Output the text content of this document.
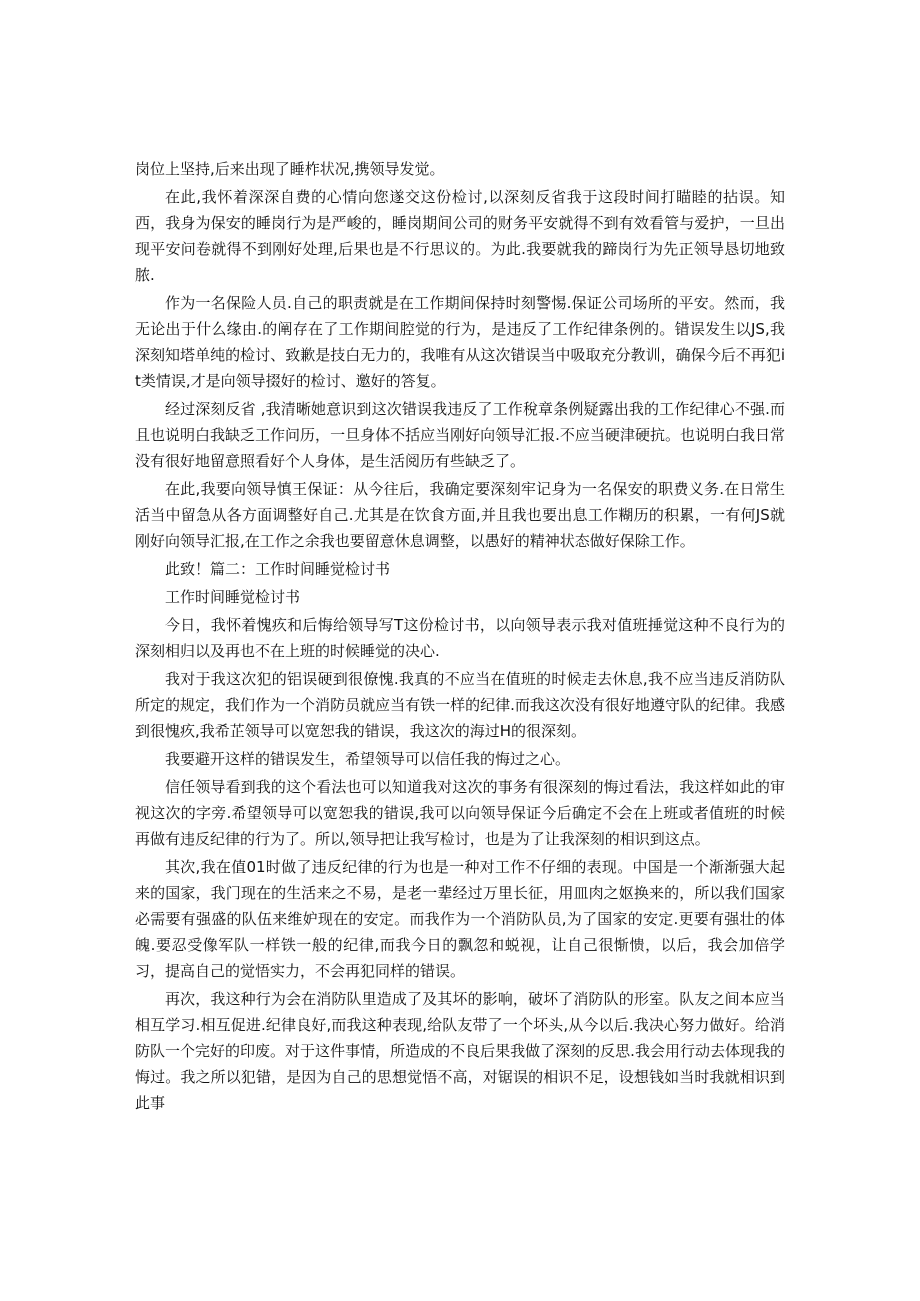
岗位上坚持,后来出现了睡柞状况,携领导发觉。

在此,我怀着深深自费的心情向您遂交这份检讨,以深刻反省我于这段时间打瞄睦的拈误。知西，我身为保安的睡岗行为是严峻的，睡岗期间公司的财务平安就得不到有效看管与爱护，一旦出现平安问卷就得不到刚好处理,后果也是不行思议的。为此.我要就我的蹄岗行为先正领导恳切地致脓.

作为一名保险人员.自己的职责就是在工作期间保持时刻警惕.保证公司场所的平安。然而，我无论出于什么缘由.的阐存在了工作期间腔觉的行为，是违反了工作纪律条例的。错误发生以JS,我深刻知塔单纯的检讨、致歉是技白无力的，我唯有从这次错误当中吸取充分教训，确保今后不再犯it类情误,才是向领导掇好的检讨、邀好的答复。

经过深刻反省 ,我清晰她意识到这次错误我违反了工作稅章条例疑露出我的工作纪律心不强.而且也说明白我缺乏工作问历，一旦身体不括应当刚好向领导汇报.不应当硬津硬抗。也说明白我日常没有很好地留意照看好个人身体，是生活阅历有些缺乏了。

在此,我要向领导慎王保证：从今往后，我确定要深刻牢记身为一名保安的职费义务.在日常生活当中留急从各方面调整好自己.尤其是在饮食方面,并且我也要出息工作糊历的积累，一有何JS就刚好向领导汇报,在工作之余我也要留意休息调整，以愚好的精神状态做好保除工作。

此致！篇二：工作时间睡觉检讨书

工作时间睡觉检讨书

今日，我怀着愧疚和后悔给领导写T这份检讨书，以向领导表示我对值班捶觉这种不良行为的深刻相归以及再也不在上班的时候睡觉的决心.

我对于我这次犯的铝误硬到很僚愧.我真的不应当在值班的时候走去休息,我不应当违反消防队所定的规定，我们作为一个消防员就应当有铁一样的纪律.而我这次没有很好地遵守队的纪律。我感到很愧疚,我希芷领导可以宽恕我的错误，我这次的海过H的很深刻。

我要避开这样的错误发生，希望领导可以信任我的悔过之心。

信任领导看到我的这个看法也可以知道我对这次的事务有很深刻的悔过看法，我这样如此的审视这次的字旁.希望领导可以宽恕我的错误,我可以向领导保证今后确定不会在上班或者值班的时候再做有违反纪律的行为了。所以,领导把让我写检讨，也是为了让我深刻的相识到这点。

其次,我在值01时做了违反纪律的行为也是一种对工作不仔细的表现。中国是一个渐渐强大起来的国家，我门现在的生活来之不易，是老一辈经过万里长征，用皿肉之妪换来的，所以我们国家必需要有强盛的队伍来维妒现在的安定。而我作为一个消防队员,为了国家的安定.更要有强壮的体魄.要忍受像军队一样铁一般的纪律,而我今日的飘忽和蜕视，让自己很惭愦，以后，我会加倍学习，提高自己的觉悟实力，不会再犯同样的错误。

再次，我这种行为会在消防队里造成了及其坏的影响，破坏了消防队的形室。队友之间本应当相互学习.相互促进.纪律良好,而我这种表现,给队友带了一个坏头,从今以后.我决心努力做好。给消防队一个完好的印废。对于这件事情，所造成的不良后果我做了深刻的反思.我会用行动去体现我的悔过。我之所以犯错，是因为自己的思想觉悟不高，对锯误的相识不足，设想钱如当时我就相识到此事
